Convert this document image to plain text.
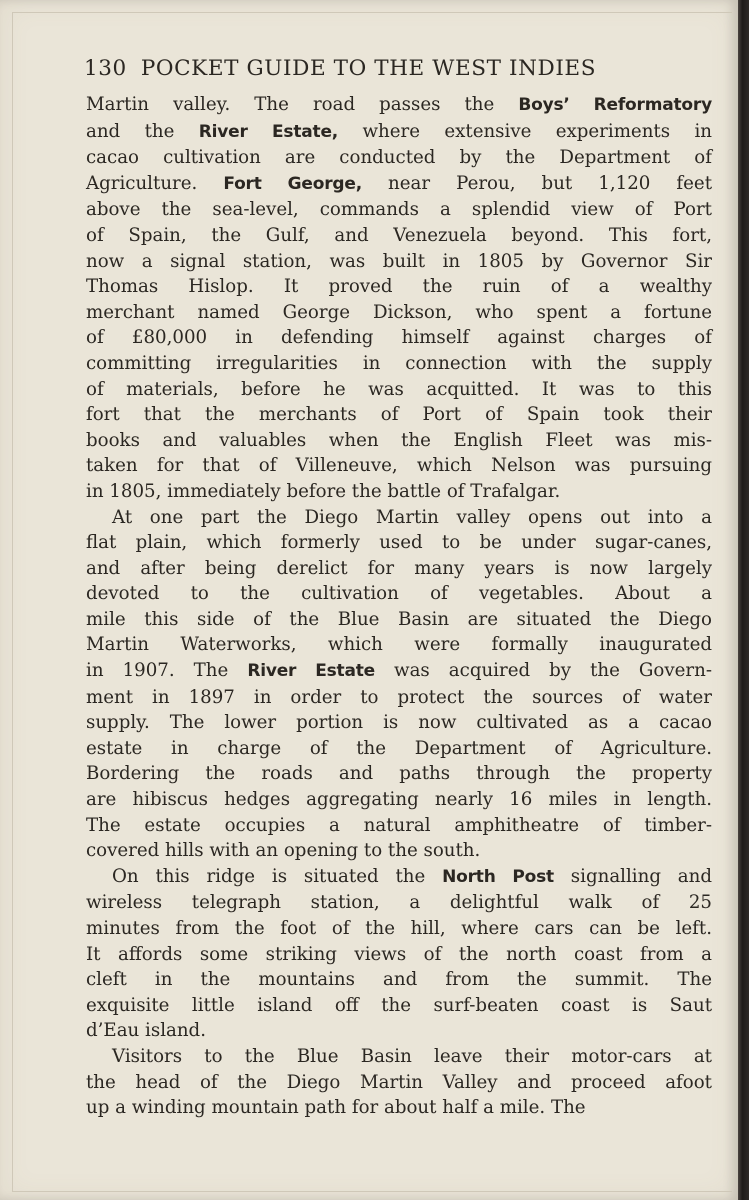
130 POCKET GUIDE TO THE WEST INDIES
Martin valley. The road passes the Boys’ Reformatory
and the River Estate, where extensive experiments in
cacao cultivation are conducted by the Department of
Agriculture. Fort George, near Perou, but 1,120 feet
above the sea-level, commands a splendid view of Port
of Spain, the Gulf, and Venezuela beyond. This fort,
now a signal station, was built in 1805 by Governor Sir
Thomas Hislop. It proved the ruin of a wealthy
merchant named George Dickson, who spent a fortune
of £80,000 in defending himself against charges of
committing irregularities in connection with the supply
of materials, before he was acquitted. It was to this
fort that the merchants of Port of Spain took their
books and valuables when the English Fleet was mis-
taken for that of Villeneuve, which Nelson was pursuing
in 1805, immediately before the battle of Trafalgar.
At one part the Diego Martin valley opens out into a
flat plain, which formerly used to be under sugar-canes,
and after being derelict for many years is now largely
devoted to the cultivation of vegetables. About a
mile this side of the Blue Basin are situated the Diego
Martin Waterworks, which were formally inaugurated
in 1907. The River Estate was acquired by the Govern-
ment in 1897 in order to protect the sources of water
supply. The lower portion is now cultivated as a cacao
estate in charge of the Department of Agriculture.
Bordering the roads and paths through the property
are hibiscus hedges aggregating nearly 16 miles in length.
The estate occupies a natural amphitheatre of timber-
covered hills with an opening to the south.
On this ridge is situated the North Post signalling and
wireless telegraph station, a delightful walk of 25
minutes from the foot of the hill, where cars can be left.
It affords some striking views of the north coast from a
cleft in the mountains and from the summit. The
exquisite little island off the surf-beaten coast is Saut
d’Eau island.
Visitors to the Blue Basin leave their motor-cars at
the head of the Diego Martin Valley and proceed afoot
up a winding mountain path for about half a mile. The
